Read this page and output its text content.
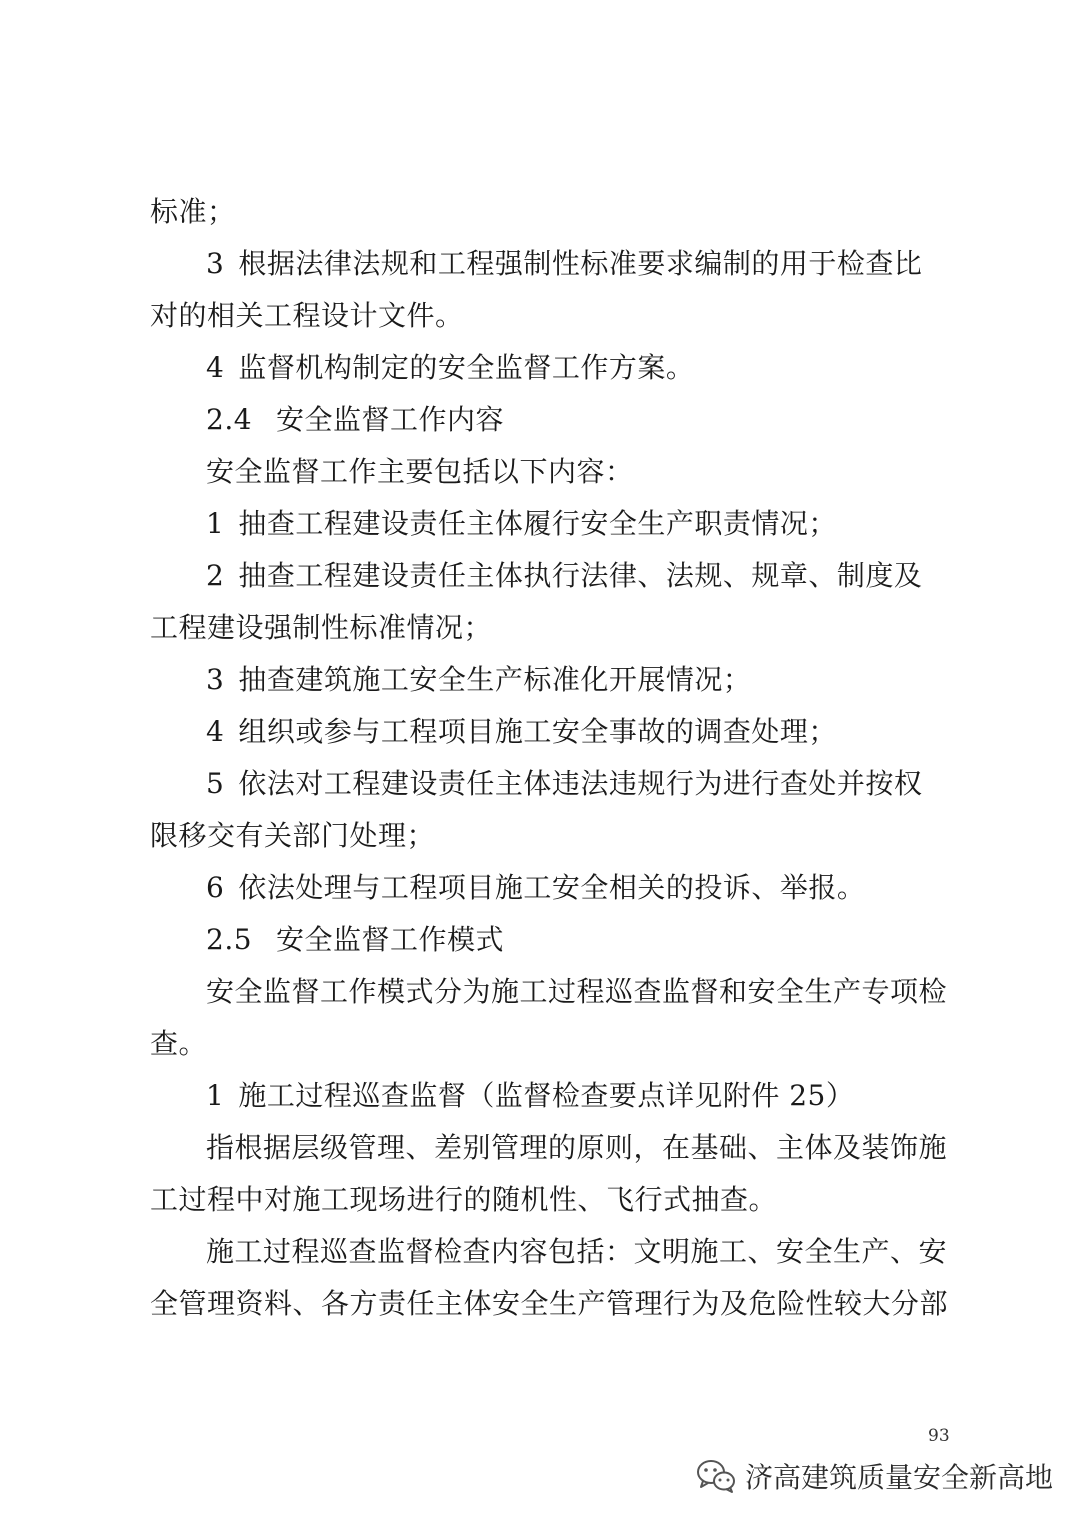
标准；
3 根据法律法规和工程强制性标准要求编制的用于检查比
对的相关工程设计文件。
4 监督机构制定的安全监督工作方案。
2.4 安全监督工作内容
安全监督工作主要包括以下内容：
1 抽查工程建设责任主体履行安全生产职责情况；
2 抽查工程建设责任主体执行法律、法规、规章、制度及
工程建设强制性标准情况；
3 抽查建筑施工安全生产标准化开展情况；
4 组织或参与工程项目施工安全事故的调查处理；
5 依法对工程建设责任主体违法违规行为进行查处并按权
限移交有关部门处理；
6 依法处理与工程项目施工安全相关的投诉、举报。
2.5 安全监督工作模式
安全监督工作模式分为施工过程巡查监督和安全生产专项检
查。
1 施工过程巡查监督（监督检查要点详见附件 25）
指根据层级管理、差别管理的原则，在基础、主体及装饰施
工过程中对施工现场进行的随机性、飞行式抽查。
施工过程巡查监督检查内容包括：文明施工、安全生产、安
全管理资料、各方责任主体安全生产管理行为及危险性较大分部
93
济高建筑质量安全新高地
